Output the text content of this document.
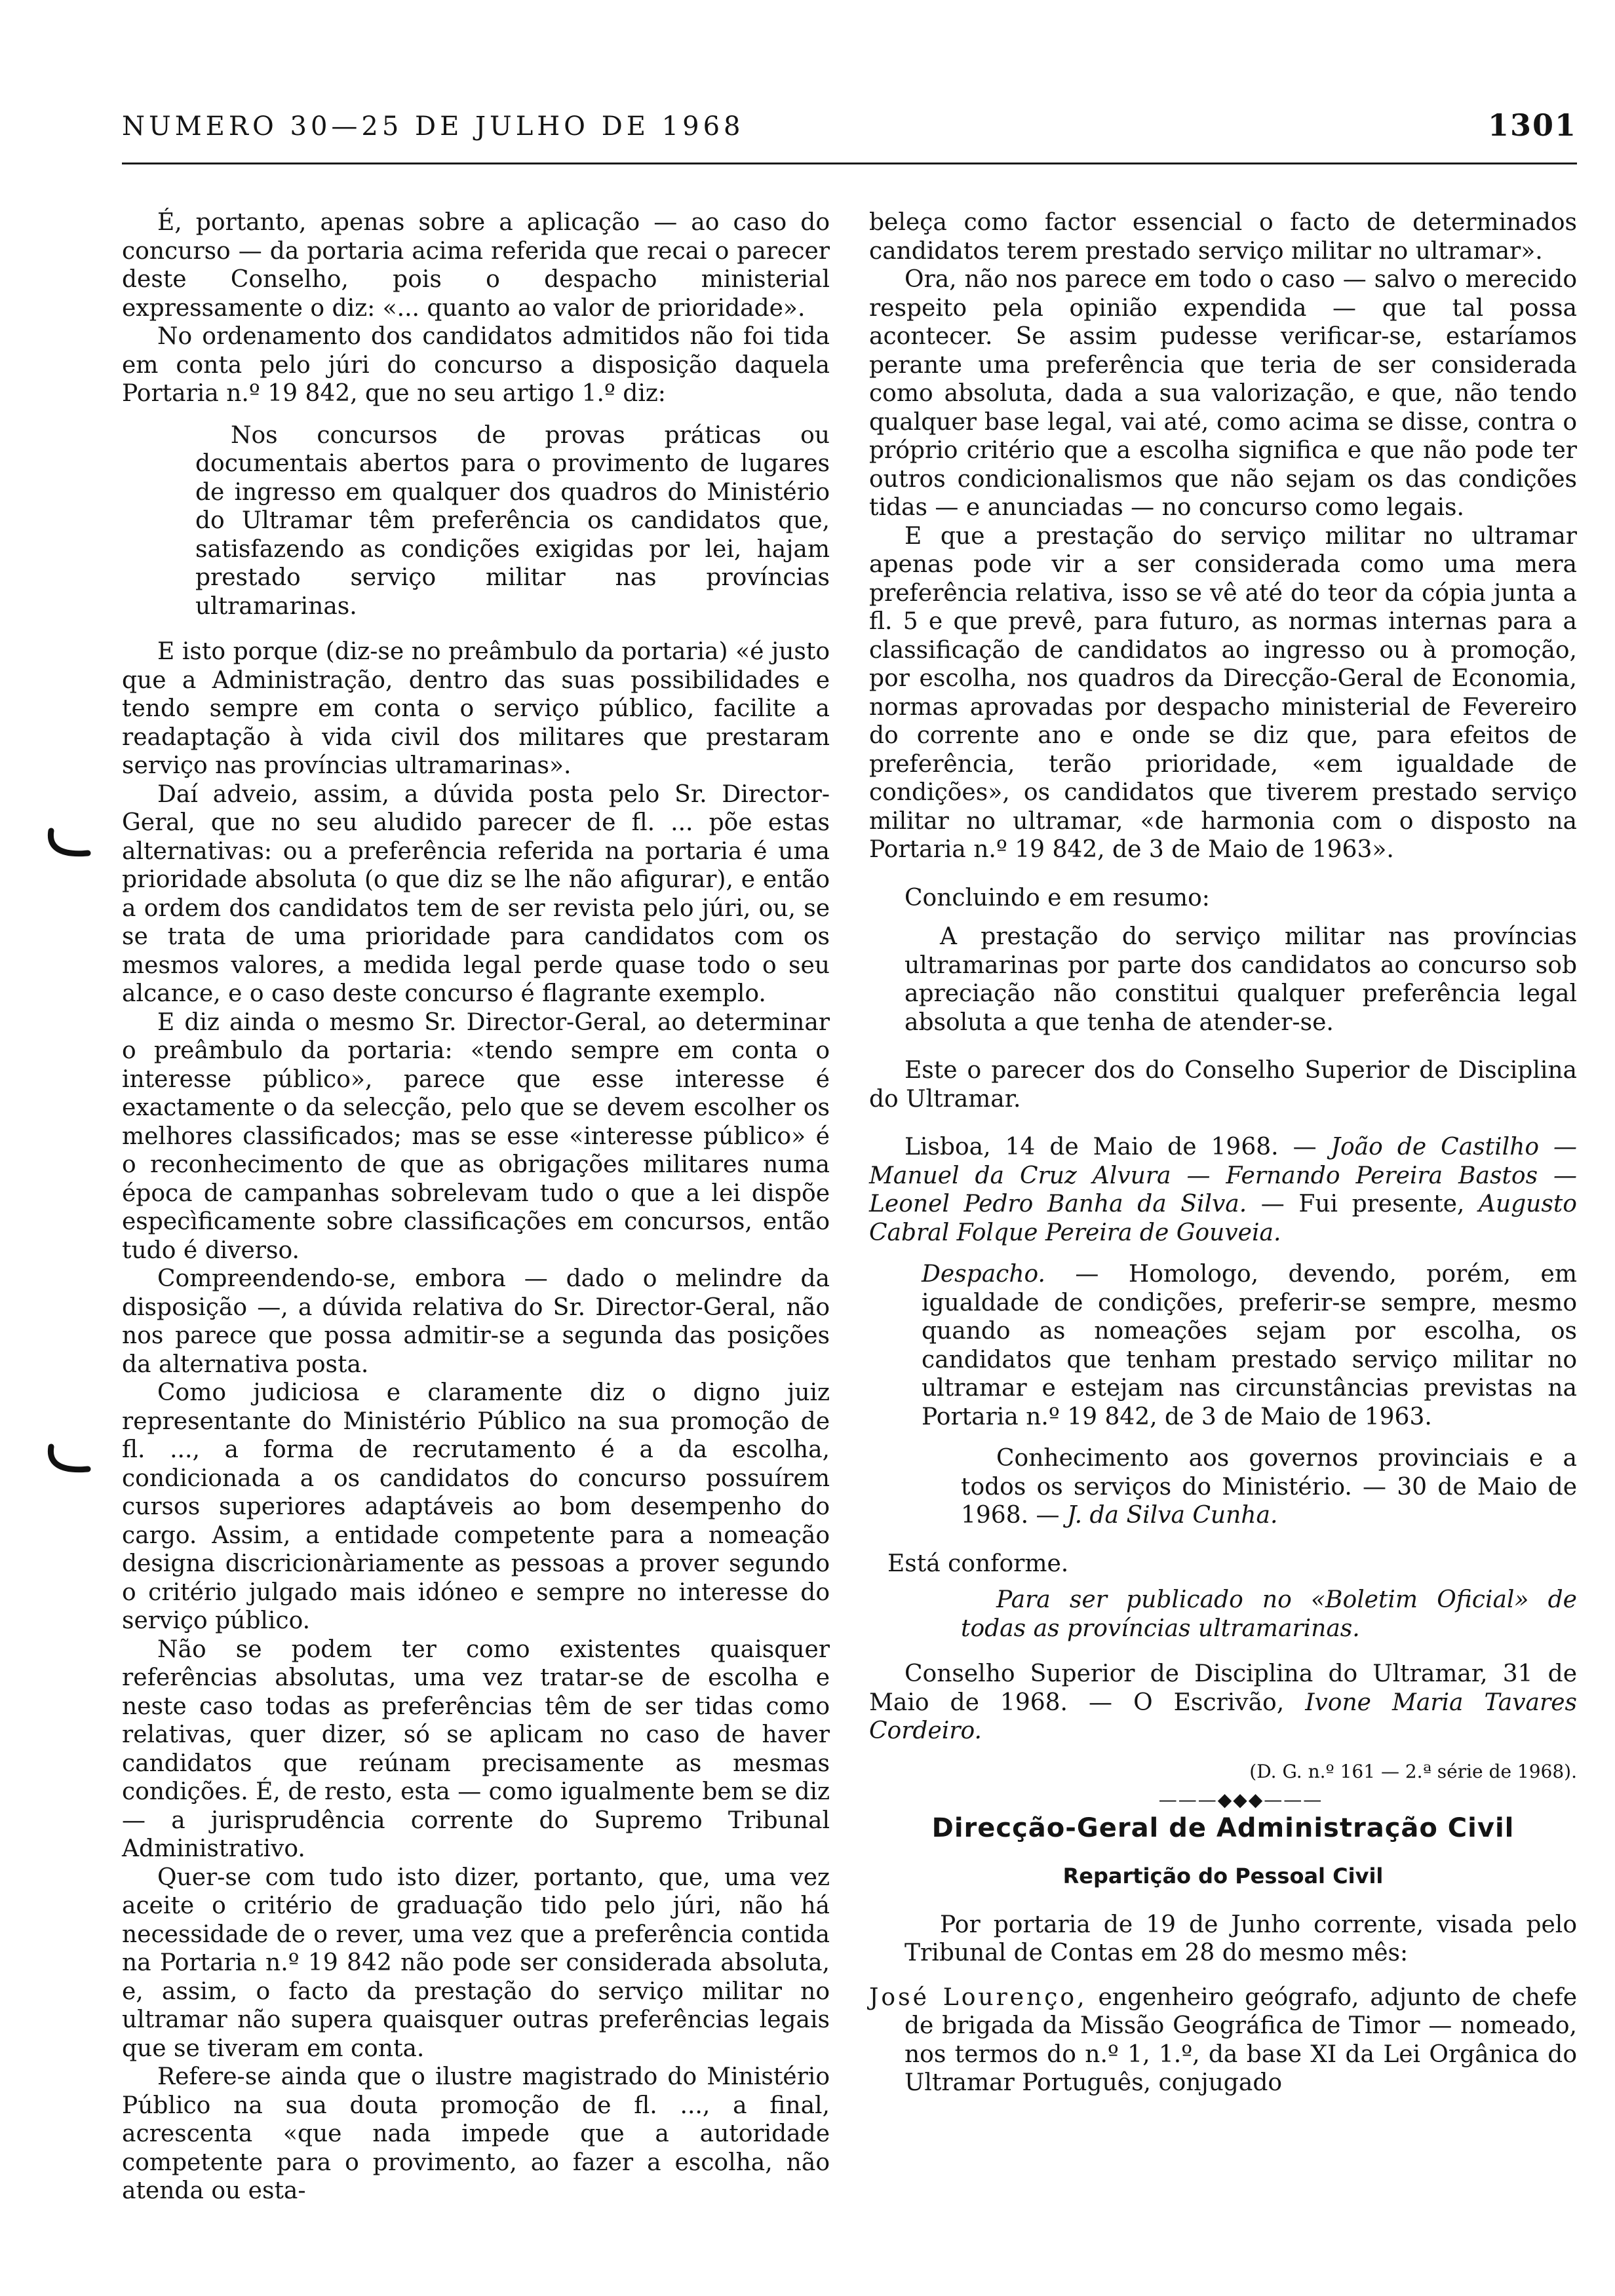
NUMERO 30—25 DE JULHO DE 1968	1301

É, portanto, apenas sobre a aplicação — ao caso do concurso — da portaria acima referida que recai o parecer deste Conselho, pois o despacho ministerial expressamente o diz: «... quanto ao valor de prioridade».

No ordenamento dos candidatos admitidos não foi tida em conta pelo júri do concurso a disposição daquela Portaria n.º 19 842, que no seu artigo 1.º diz:

Nos concursos de provas práticas ou documentais abertos para o provimento de lugares de ingresso em qualquer dos quadros do Ministério do Ultramar têm preferência os candidatos que, satisfazendo as condições exigidas por lei, hajam prestado serviço militar nas províncias ultramarinas.

E isto porque (diz-se no preâmbulo da portaria) «é justo que a Administração, dentro das suas possibilidades e tendo sempre em conta o serviço público, facilite a readaptação à vida civil dos militares que prestaram serviço nas províncias ultramarinas».

Daí adveio, assim, a dúvida posta pelo Sr. Director-Geral, que no seu aludido parecer de fl. ... põe estas alternativas: ou a preferência referida na portaria é uma prioridade absoluta (o que diz se lhe não afigurar), e então a ordem dos candidatos tem de ser revista pelo júri, ou, se se trata de uma prioridade para candidatos com os mesmos valores, a medida legal perde quase todo o seu alcance, e o caso deste concurso é flagrante exemplo.

E diz ainda o mesmo Sr. Director-Geral, ao determinar o preâmbulo da portaria: «tendo sempre em conta o interesse público», parece que esse interesse é exactamente o da selecção, pelo que se devem escolher os melhores classificados; mas se esse «interesse público» é o reconhecimento de que as obrigações militares numa época de campanhas sobrelevam tudo o que a lei dispõe especìficamente sobre classificações em concursos, então tudo é diverso.

Compreendendo-se, embora — dado o melindre da disposição —, a dúvida relativa do Sr. Director-Geral, não nos parece que possa admitir-se a segunda das posições da alternativa posta.

Como judiciosa e claramente diz o digno juiz representante do Ministério Público na sua promoção de fl. ..., a forma de recrutamento é a da escolha, condicionada a os candidatos do concurso possuírem cursos superiores adaptáveis ao bom desempenho do cargo. Assim, a entidade competente para a nomeação designa discricionàriamente as pessoas a prover segundo o critério julgado mais idóneo e sempre no interesse do serviço público.

Não se podem ter como existentes quaisquer referências absolutas, uma vez tratar-se de escolha e neste caso todas as preferências têm de ser tidas como relativas, quer dizer, só se aplicam no caso de haver candidatos que reúnam precisamente as mesmas condições. É, de resto, esta — como igualmente bem se diz — a jurisprudência corrente do Supremo Tribunal Administrativo.

Quer-se com tudo isto dizer, portanto, que, uma vez aceite o critério de graduação tido pelo júri, não há necessidade de o rever, uma vez que a preferência contida na Portaria n.º 19 842 não pode ser considerada absoluta, e, assim, o facto da prestação do serviço militar no ultramar não supera quaisquer outras preferências legais que se tiveram em conta.

Refere-se ainda que o ilustre magistrado do Ministério Público na sua douta promoção de fl. ..., a final, acrescenta «que nada impede que a autoridade competente para o provimento, ao fazer a escolha, não atenda ou esta-

beleça como factor essencial o facto de determinados candidatos terem prestado serviço militar no ultramar».

Ora, não nos parece em todo o caso — salvo o merecido respeito pela opinião expendida — que tal possa acontecer. Se assim pudesse verificar-se, estaríamos perante uma preferência que teria de ser considerada como absoluta, dada a sua valorização, e que, não tendo qualquer base legal, vai até, como acima se disse, contra o próprio critério que a escolha significa e que não pode ter outros condicionalismos que não sejam os das condições tidas — e anunciadas — no concurso como legais.

E que a prestação do serviço militar no ultramar apenas pode vir a ser considerada como uma mera preferência relativa, isso se vê até do teor da cópia junta a fl. 5 e que prevê, para futuro, as normas internas para a classificação de candidatos ao ingresso ou à promoção, por escolha, nos quadros da Direcção-Geral de Economia, normas aprovadas por despacho ministerial de Fevereiro do corrente ano e onde se diz que, para efeitos de preferência, terão prioridade, «em igualdade de condições», os candidatos que tiverem prestado serviço militar no ultramar, «de harmonia com o disposto na Portaria n.º 19 842, de 3 de Maio de 1963».

Concluindo e em resumo:

A prestação do serviço militar nas províncias ultramarinas por parte dos candidatos ao concurso sob apreciação não constitui qualquer preferência legal absoluta a que tenha de atender-se.

Este o parecer dos do Conselho Superior de Disciplina do Ultramar.

Lisboa, 14 de Maio de 1968. — João de Castilho — Manuel da Cruz Alvura — Fernando Pereira Bastos — Leonel Pedro Banha da Silva. — Fui presente, Augusto Cabral Folque Pereira de Gouveia.

Despacho. — Homologo, devendo, porém, em igualdade de condições, preferir-se sempre, mesmo quando as nomeações sejam por escolha, os candidatos que tenham prestado serviço militar no ultramar e estejam nas circunstâncias previstas na Portaria n.º 19 842, de 3 de Maio de 1963.

Conhecimento aos governos provinciais e a todos os serviços do Ministério. — 30 de Maio de 1968. — J. da Silva Cunha.

Está conforme.

Para ser publicado no «Boletim Oficial» de todas as províncias ultramarinas.

Conselho Superior de Disciplina do Ultramar, 31 de Maio de 1968. — O Escrivão, Ivone Maria Tavares Cordeiro.

(D. G. n.º 161 — 2.ª série de 1968).

———◆◆◆———

Direcção-Geral de Administração Civil

Repartição do Pessoal Civil

Por portaria de 19 de Junho corrente, visada pelo Tribunal de Contas em 28 do mesmo mês:

José Lourenço, engenheiro geógrafo, adjunto de chefe de brigada da Missão Geográfica de Timor — nomeado, nos termos do n.º 1, 1.º, da base XI da Lei Orgânica do Ultramar Português, conjugado
